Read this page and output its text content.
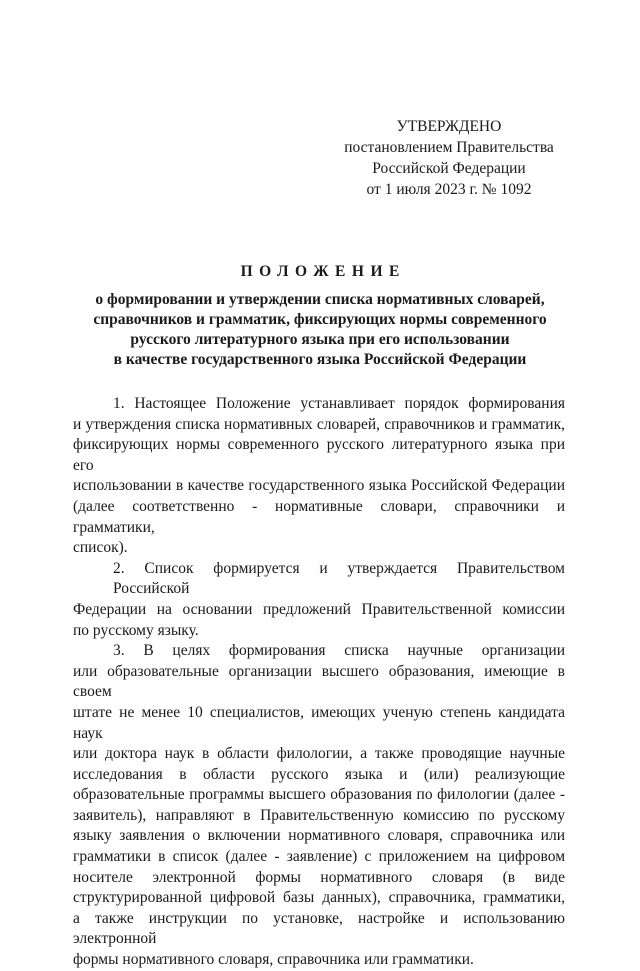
УТВЕРЖДЕНО
постановлением Правительства
Российской Федерации
от 1 июля 2023 г. № 1092
ПОЛОЖЕНИЕ
о формировании и утверждении списка нормативных словарей,
справочников и грамматик, фиксирующих нормы современного
русского литературного языка при его использовании
в качестве государственного языка Российской Федерации

1. Настоящее Положение устанавливает порядок формирования
и утверждения списка нормативных словарей, справочников и грамматик,
фиксирующих нормы современного русского литературного языка при его
использовании в качестве государственного языка Российской Федерации
(далее соответственно - нормативные словари, справочники и грамматики,
список).

2. Список формируется и утверждается Правительством Российской
Федерации на основании предложений Правительственной комиссии
по русскому языку.

3. В целях формирования списка научные организации
или образовательные организации высшего образования, имеющие в своем
штате не менее 10 специалистов, имеющих ученую степень кандидата наук
или доктора наук в области филологии, а также проводящие научные
исследования в области русского языка и (или) реализующие
образовательные программы высшего образования по филологии (далее -
заявитель), направляют в Правительственную комиссию по русскому
языку заявления о включении нормативного словаря, справочника или
грамматики в список (далее - заявление) с приложением на цифровом
носителе электронной формы нормативного словаря (в виде
структурированной цифровой базы данных), справочника, грамматики,
а также инструкции по установке, настройке и использованию электронной
формы нормативного словаря, справочника или грамматики.
